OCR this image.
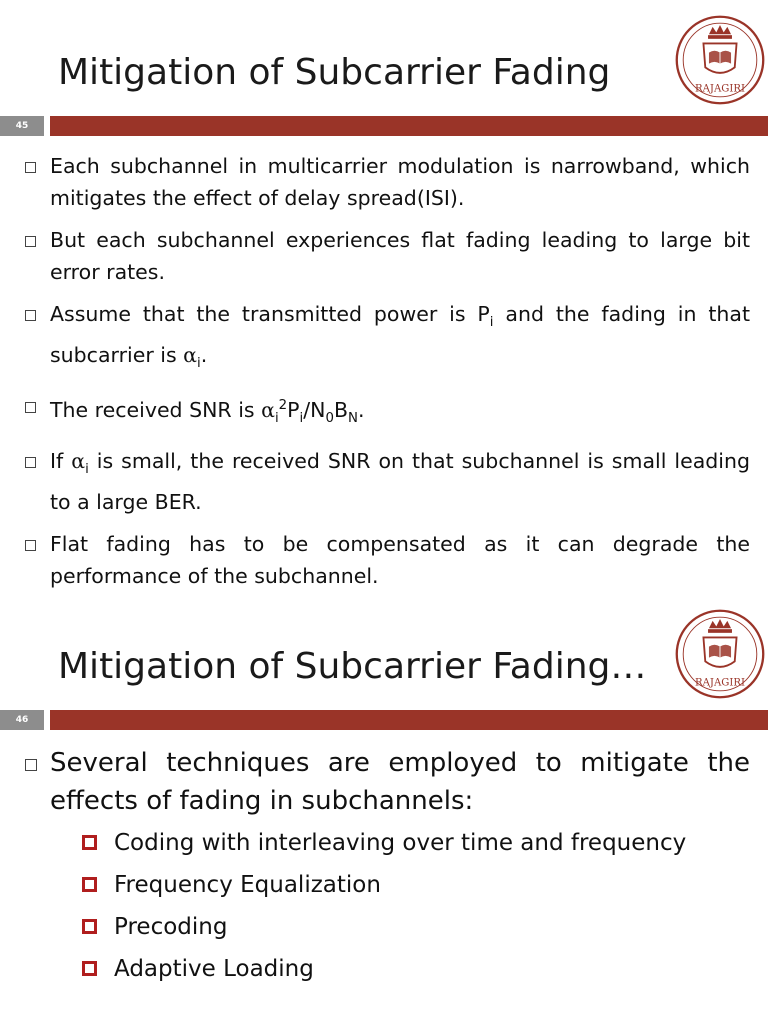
Mitigation of Subcarrier Fading	RAJAGIRI
45
Each subchannel in multicarrier modulation is narrowband, which mitigates the effect of delay spread(ISI).
But each subchannel experiences flat fading leading to large bit error rates.
Assume that the transmitted power is $P_i$ and the fading in that subcarrier is $\alpha_i$.
The received SNR is $\alpha_i^2P_i/N_0B_N$.
If $\alpha_i$ is small, the received SNR on that subchannel is small leading to a large BER.
Flat fading has to be compensated as it can degrade the performance of the subchannel.
Mitigation of Subcarrier Fading…	RAJAGIRI
46
Several techniques are employed to mitigate the effects of fading in subchannels:
Coding with interleaving over time and frequency
Frequency Equalization
Precoding
Adaptive Loading
